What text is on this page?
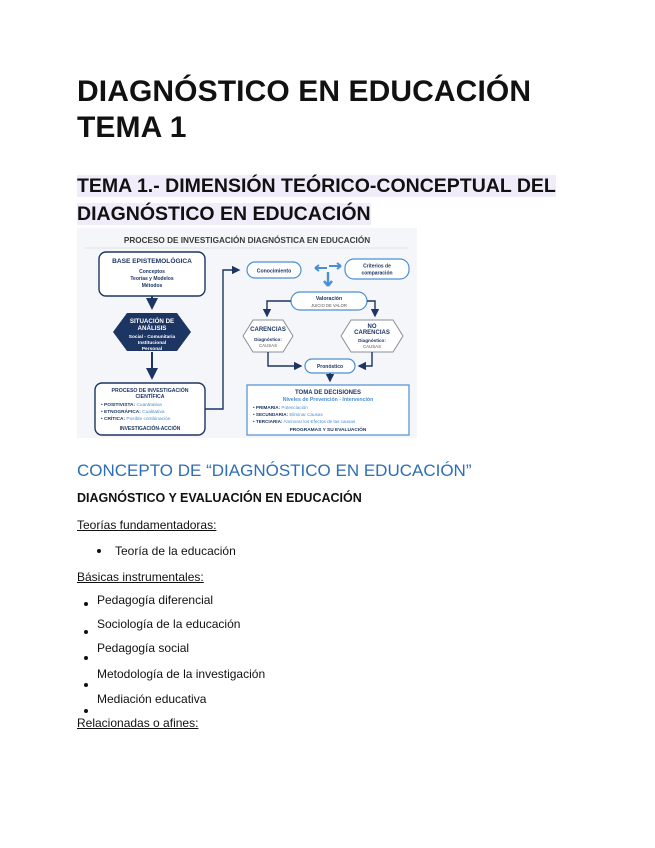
DIAGNÓSTICO EN EDUCACIÓN
TEMA 1
TEMA 1.- DIMENSIÓN TEÓRICO-CONCEPTUAL DEL
DIAGNÓSTICO EN EDUCACIÓN
PROCESO DE INVESTIGACIÓN DIAGNÓSTICA EN EDUCACIÓN
BASE EPISTEMOLÓGICA
Conceptos
Teorías y Modelos
Métodos
SITUACIÓN DE
ANÁLISIS
Social - Comunitaria
Institucional
Personal
PROCESO DE INVESTIGACIÓN
CIENTÍFICA
• POSITIVISTA: Cuantitativa
• ETNOGRÁFICA: Cualitativa
• CRÍTICA: Posible combinación
INVESTIGACIÓN-ACCIÓN
Conocimiento
Criterios de
comparación
Valoración
JUICIO DE VALOR
CARENCIAS
Diagnóstico:
CAUSAS
NO
CARENCIAS
Diagnóstico:
CAUSAS
Pronóstico
TOMA DE DECISIONES
Niveles de Prevención - Intervención
• PRIMARIA: Potenciación
• SECUNDARIA: Eliminar Causas
• TERCIARIA: Aminorar los Efectos de las causas
PROGRAMAS Y SU EVALUACIÓN
CONCEPTO DE “DIAGNÓSTICO EN EDUCACIÓN”
DIAGNÓSTICO Y EVALUACIÓN EN EDUCACIÓN

Teorías fundamentadoras:

Teoría de la educación

Básicas instrumentales:

Pedagogía diferencial
Sociología de la educación
Pedagogía social
Metodología de la investigación
Mediación educativa

Relacionadas o afines:
